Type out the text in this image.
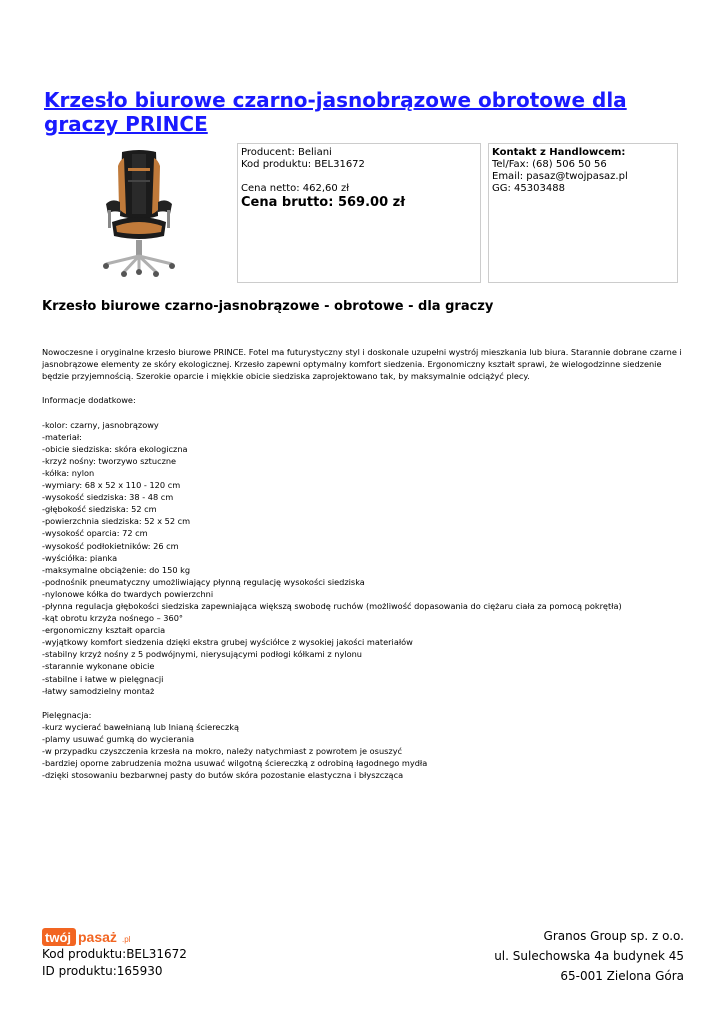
Krzesło biurowe czarno-jasnobrązowe obrotowe dla graczy PRINCE
Producent: Beliani
Kod produktu: BEL31672
Cena netto: 462,60 zł
Cena brutto: 569.00 zł
Kontakt z Handlowcem:
Tel/Fax: (68) 506 50 56
Email: pasaz@twojpasaz.pl
GG: 45303488
Krzesło biurowe czarno-jasnobrązowe - obrotowe - dla graczy

Nowoczesne i oryginalne krzesło biurowe PRINCE. Fotel ma futurystyczny styl i doskonale uzupełni wystrój mieszkania lub biura. Starannie dobrane czarne i jasnobrązowe elementy ze skóry ekologicznej. Krzesło zapewni optymalny komfort siedzenia. Ergonomiczny kształt sprawi, że wielogodzinne siedzenie będzie przyjemnością. Szerokie oparcie i miękkie obicie siedziska zaprojektowano tak, by maksymalnie odciążyć plecy.

Informacje dodatkowe:

-kolor: czarny, jasnobrązowy

-materiał:

-obicie siedziska: skóra ekologiczna

-krzyż nośny: tworzywo sztuczne

-kółka: nylon

-wymiary: 68 x 52 x 110 - 120 cm

-wysokość siedziska: 38 - 48 cm

-głębokość siedziska: 52 cm

-powierzchnia siedziska: 52 x 52 cm

-wysokość oparcia: 72 cm

-wysokość podłokietników: 26 cm

-wyściółka: pianka

-maksymalne obciążenie: do 150 kg

-podnośnik pneumatyczny umożliwiający płynną regulację wysokości siedziska

-nylonowe kółka do twardych powierzchni

-płynna regulacja głębokości siedziska zapewniająca większą swobodę ruchów (możliwość dopasowania do ciężaru ciała za pomocą pokrętła)

-kąt obrotu krzyża nośnego – 360°

-ergonomiczny kształt oparcia

-wyjątkowy komfort siedzenia dzięki ekstra grubej wyściółce z wysokiej jakości materiałów

-stabilny krzyż nośny z 5 podwójnymi, nierysującymi podłogi kółkami z nylonu

-starannie wykonane obicie

-stabilne i łatwe w pielęgnacji

-łatwy samodzielny montaż

Pielęgnacja:

-kurz wycierać bawełnianą lub lnianą ściereczką

-plamy usuwać gumką do wycierania

-w przypadku czyszczenia krzesła na mokro, należy natychmiast z powrotem je osuszyć

-bardziej oporne zabrudzenia można usuwać wilgotną ściereczką z odrobiną łagodnego mydła

-dzięki stosowaniu bezbarwnej pasty do butów skóra pozostanie elastyczna i błyszcząca

twój pasaż .pl
Kod produktu:BEL31672
ID produktu:165930
Granos Group sp. z o.o.
ul. Sulechowska 4a budynek 45
65-001 Zielona Góra
